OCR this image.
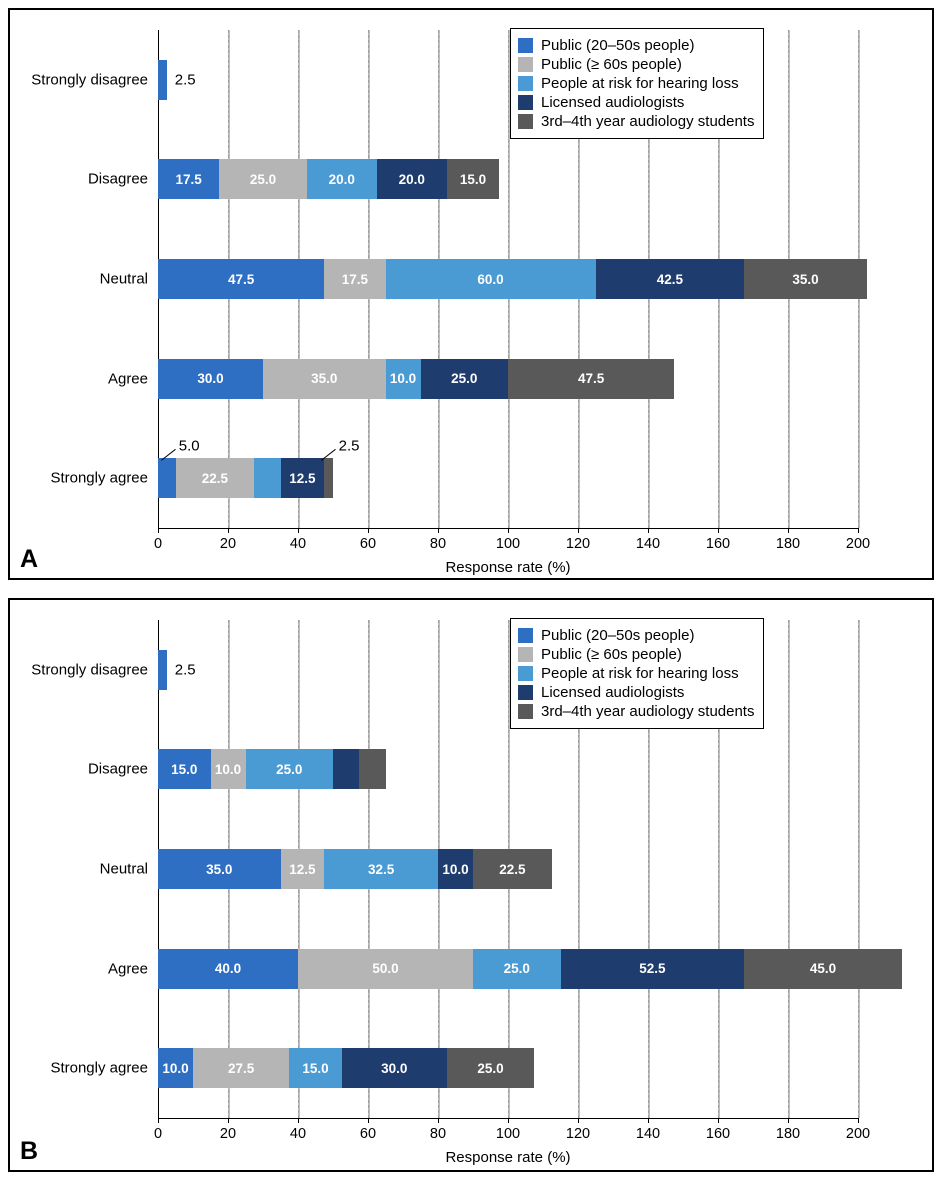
A
0	20	40	60	80	100	120	140	160	180	200
Response rate (%)
Strongly disagree 2.5
Disagree	17.5	25.0	20.0	20.0	15.0
Neutral	47.5	17.5	60.0	42.5	35.0
Agree	30.0	35.0	10.0	25.0	47.5
Strongly agree	22.5	12.5
5.0	2.5
Public (20–50s people)
Public (≥ 60s people)
People at risk for hearing loss
Licensed audiologists
3rd–4th year audiology students
B
0	20	40	60	80	100	120	140	160	180	200
Response rate (%)
Strongly disagree 2.5
Disagree	15.0	10.0	25.0
Neutral	35.0	12.5	32.5	10.0	22.5
Agree	40.0	50.0	25.0	52.5	45.0
Strongly agree	10.0	27.5	15.0	30.0	25.0
Public (20–50s people)
Public (≥ 60s people)
People at risk for hearing loss
Licensed audiologists
3rd–4th year audiology students
